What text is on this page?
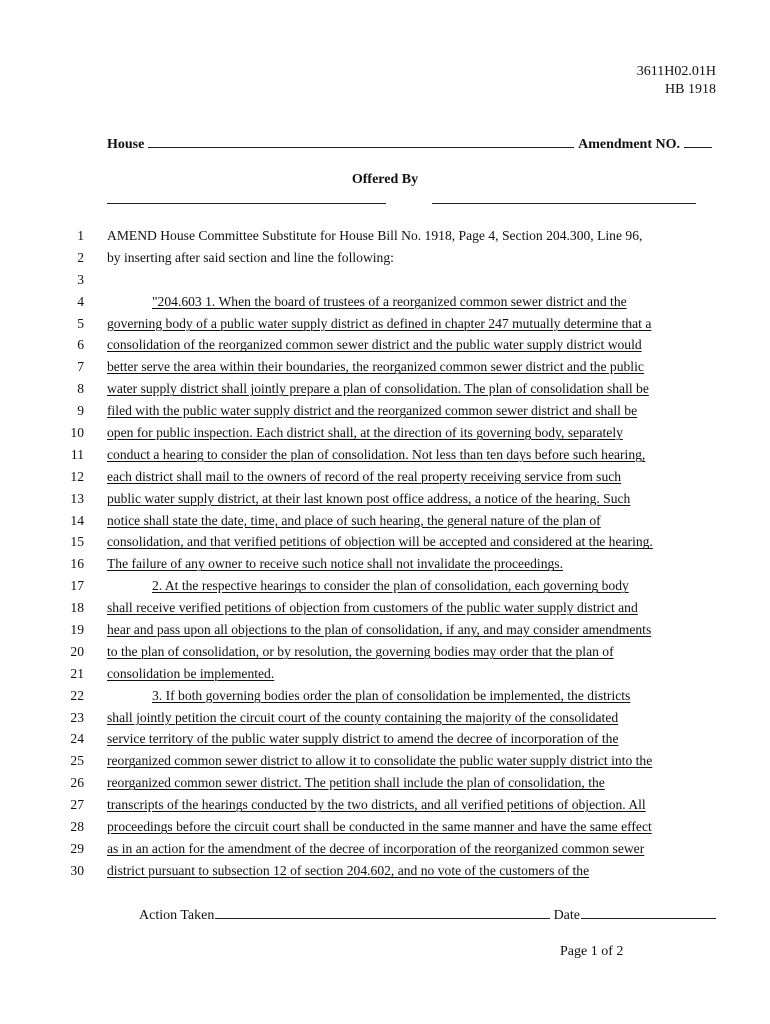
3611H02.01H
HB 1918
House	Amendment NO.
Offered By
1 AMEND House Committee Substitute for House Bill No. 1918, Page 4, Section 204.300, Line 96,
2 by inserting after said section and line the following:
3
4	"204.603 1. When the board of trustees of a reorganized common sewer district and the
5 governing body of a public water supply district as defined in chapter 247 mutually determine that a
6 consolidation of the reorganized common sewer district and the public water supply district would
7 better serve the area within their boundaries, the reorganized common sewer district and the public
8 water supply district shall jointly prepare a plan of consolidation. The plan of consolidation shall be
9 filed with the public water supply district and the reorganized common sewer district and shall be
10 open for public inspection. Each district shall, at the direction of its governing body, separately
11 conduct a hearing to consider the plan of consolidation. Not less than ten days before such hearing,
12 each district shall mail to the owners of record of the real property receiving service from such
13 public water supply district, at their last known post office address, a notice of the hearing. Such
14 notice shall state the date, time, and place of such hearing, the general nature of the plan of
15 consolidation, and that verified petitions of objection will be accepted and considered at the hearing.
16 The failure of any owner to receive such notice shall not invalidate the proceedings.
17	2. At the respective hearings to consider the plan of consolidation, each governing body
18 shall receive verified petitions of objection from customers of the public water supply district and
19 hear and pass upon all objections to the plan of consolidation, if any, and may consider amendments
20 to the plan of consolidation, or by resolution, the governing bodies may order that the plan of
21 consolidation be implemented.
22	3. If both governing bodies order the plan of consolidation be implemented, the districts
23 shall jointly petition the circuit court of the county containing the majority of the consolidated
24 service territory of the public water supply district to amend the decree of incorporation of the
25 reorganized common sewer district to allow it to consolidate the public water supply district into the
26 reorganized common sewer district. The petition shall include the plan of consolidation, the
27 transcripts of the hearings conducted by the two districts, and all verified petitions of objection. All
28 proceedings before the circuit court shall be conducted in the same manner and have the same effect
29 as in an action for the amendment of the decree of incorporation of the reorganized common sewer
30 district pursuant to subsection 12 of section 204.602, and no vote of the customers of the
Action Taken	Date
Page 1 of 2
